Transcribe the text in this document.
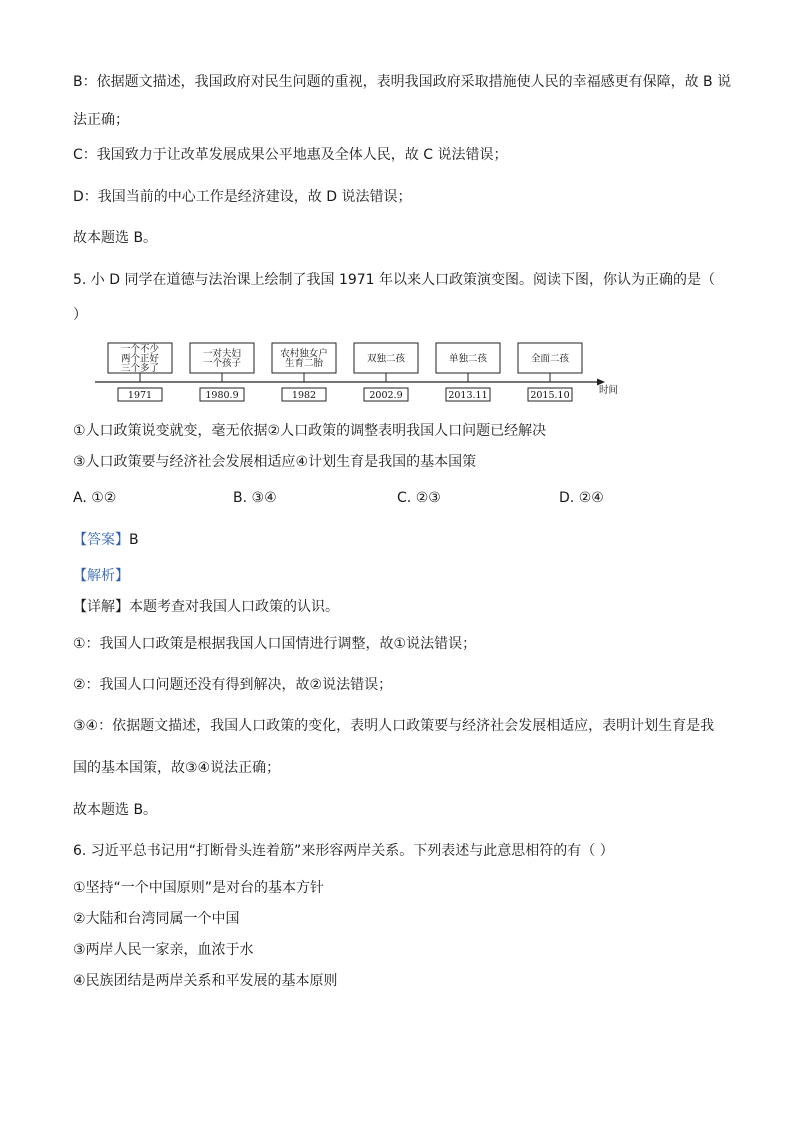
B：依据题文描述，我国政府对民生问题的重视，表明我国政府采取措施使人民的幸福感更有保障，故 B 说
法正确；
C：我国致力于让改革发展成果公平地惠及全体人民，故 C 说法错误；
D：我国当前的中心工作是经济建设，故 D 说法错误；
故本题选 B。
5. 小 D 同学在道德与法治课上绘制了我国 1971 年以来人口政策演变图。阅读下图，你认为正确的是（
）
时间
一个不少
两个正好
三个多了
1971
一对夫妇
一个孩子
1980.9
农村独女户
生育二胎
1982
双独二孩
2002.9
单独二孩
2013.11
全面二孩
2015.10
①人口政策说变就变，毫无依据②人口政策的调整表明我国人口问题已经解决
③人口政策要与经济社会发展相适应④计划生育是我国的基本国策
A. ①②	B. ③④	C. ②③	D. ②④
【答案】B
【解析】
【详解】本题考查对我国人口政策的认识。
①：我国人口政策是根据我国人口国情进行调整，故①说法错误；
②：我国人口问题还没有得到解决，故②说法错误；
③④：依据题文描述，我国人口政策的变化，表明人口政策要与经济社会发展相适应，表明计划生育是我
国的基本国策，故③④说法正确；
故本题选 B。
6. 习近平总书记用“打断骨头连着筋”来形容两岸关系。下列表述与此意思相符的有（ ）
①坚持“一个中国原则”是对台的基本方针
②大陆和台湾同属一个中国
③两岸人民一家亲，血浓于水
④民族团结是两岸关系和平发展的基本原则
